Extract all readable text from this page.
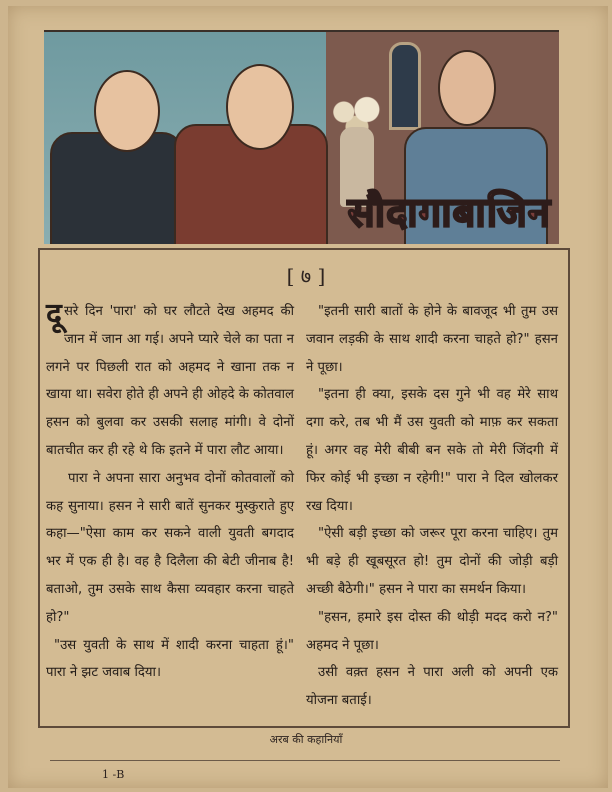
सौदागाबाजिन
[ ७ ]

दूसरे दिन 'पारा' को घर लौटते देख अहमद की जान में जान आ गई। अपने प्यारे चेले का पता न लगने पर पिछली रात को अहमद ने खाना तक न खाया था। सवेरा होते ही अपने ही ओहदे के कोतवाल हसन को बुलवा कर उसकी सलाह मांगी। वे दोनों बातचीत कर ही रहे थे कि इतने में पारा लौट आया।

पारा ने अपना सारा अनुभव दोनों कोतवालों को कह सुनाया। हसन ने सारी बातें सुनकर मुस्कुराते हुए कहा—"ऐसा काम कर सकने वाली युवती बगदाद भर में एक ही है। वह है दिलैला की बेटी जीनाब है! बताओ, तुम उसके साथ कैसा व्यवहार करना चाहते हो?"

"उस युवती के साथ में शादी करना चाहता हूं।" पारा ने झट जवाब दिया।

"इतनी सारी बातों के होने के बावजूद भी तुम उस जवान लड़की के साथ शादी करना चाहते हो?" हसन ने पूछा।

"इतना ही क्या, इसके दस गुने भी वह मेरे साथ दगा करे, तब भी मैं उस युवती को माफ़ कर सकता हूं। अगर वह मेरी बीबी बन सके तो मेरी जिंदगी में फिर कोई भी इच्छा न रहेगी!" पारा ने दिल खोलकर रख दिया।

"ऐसी बड़ी इच्छा को जरूर पूरा करना चाहिए। तुम भी बड़े ही खूबसूरत हो! तुम दोनों की जोड़ी बड़ी अच्छी बैठेगी।" हसन ने पारा का समर्थन किया।

"हसन, हमारे इस दोस्त की थोड़ी मदद करो न?" अहमद ने पूछा।

उसी वक़्त हसन ने पारा अली को अपनी एक योजना बताई।

अरब की कहानियाँ
1 -B
